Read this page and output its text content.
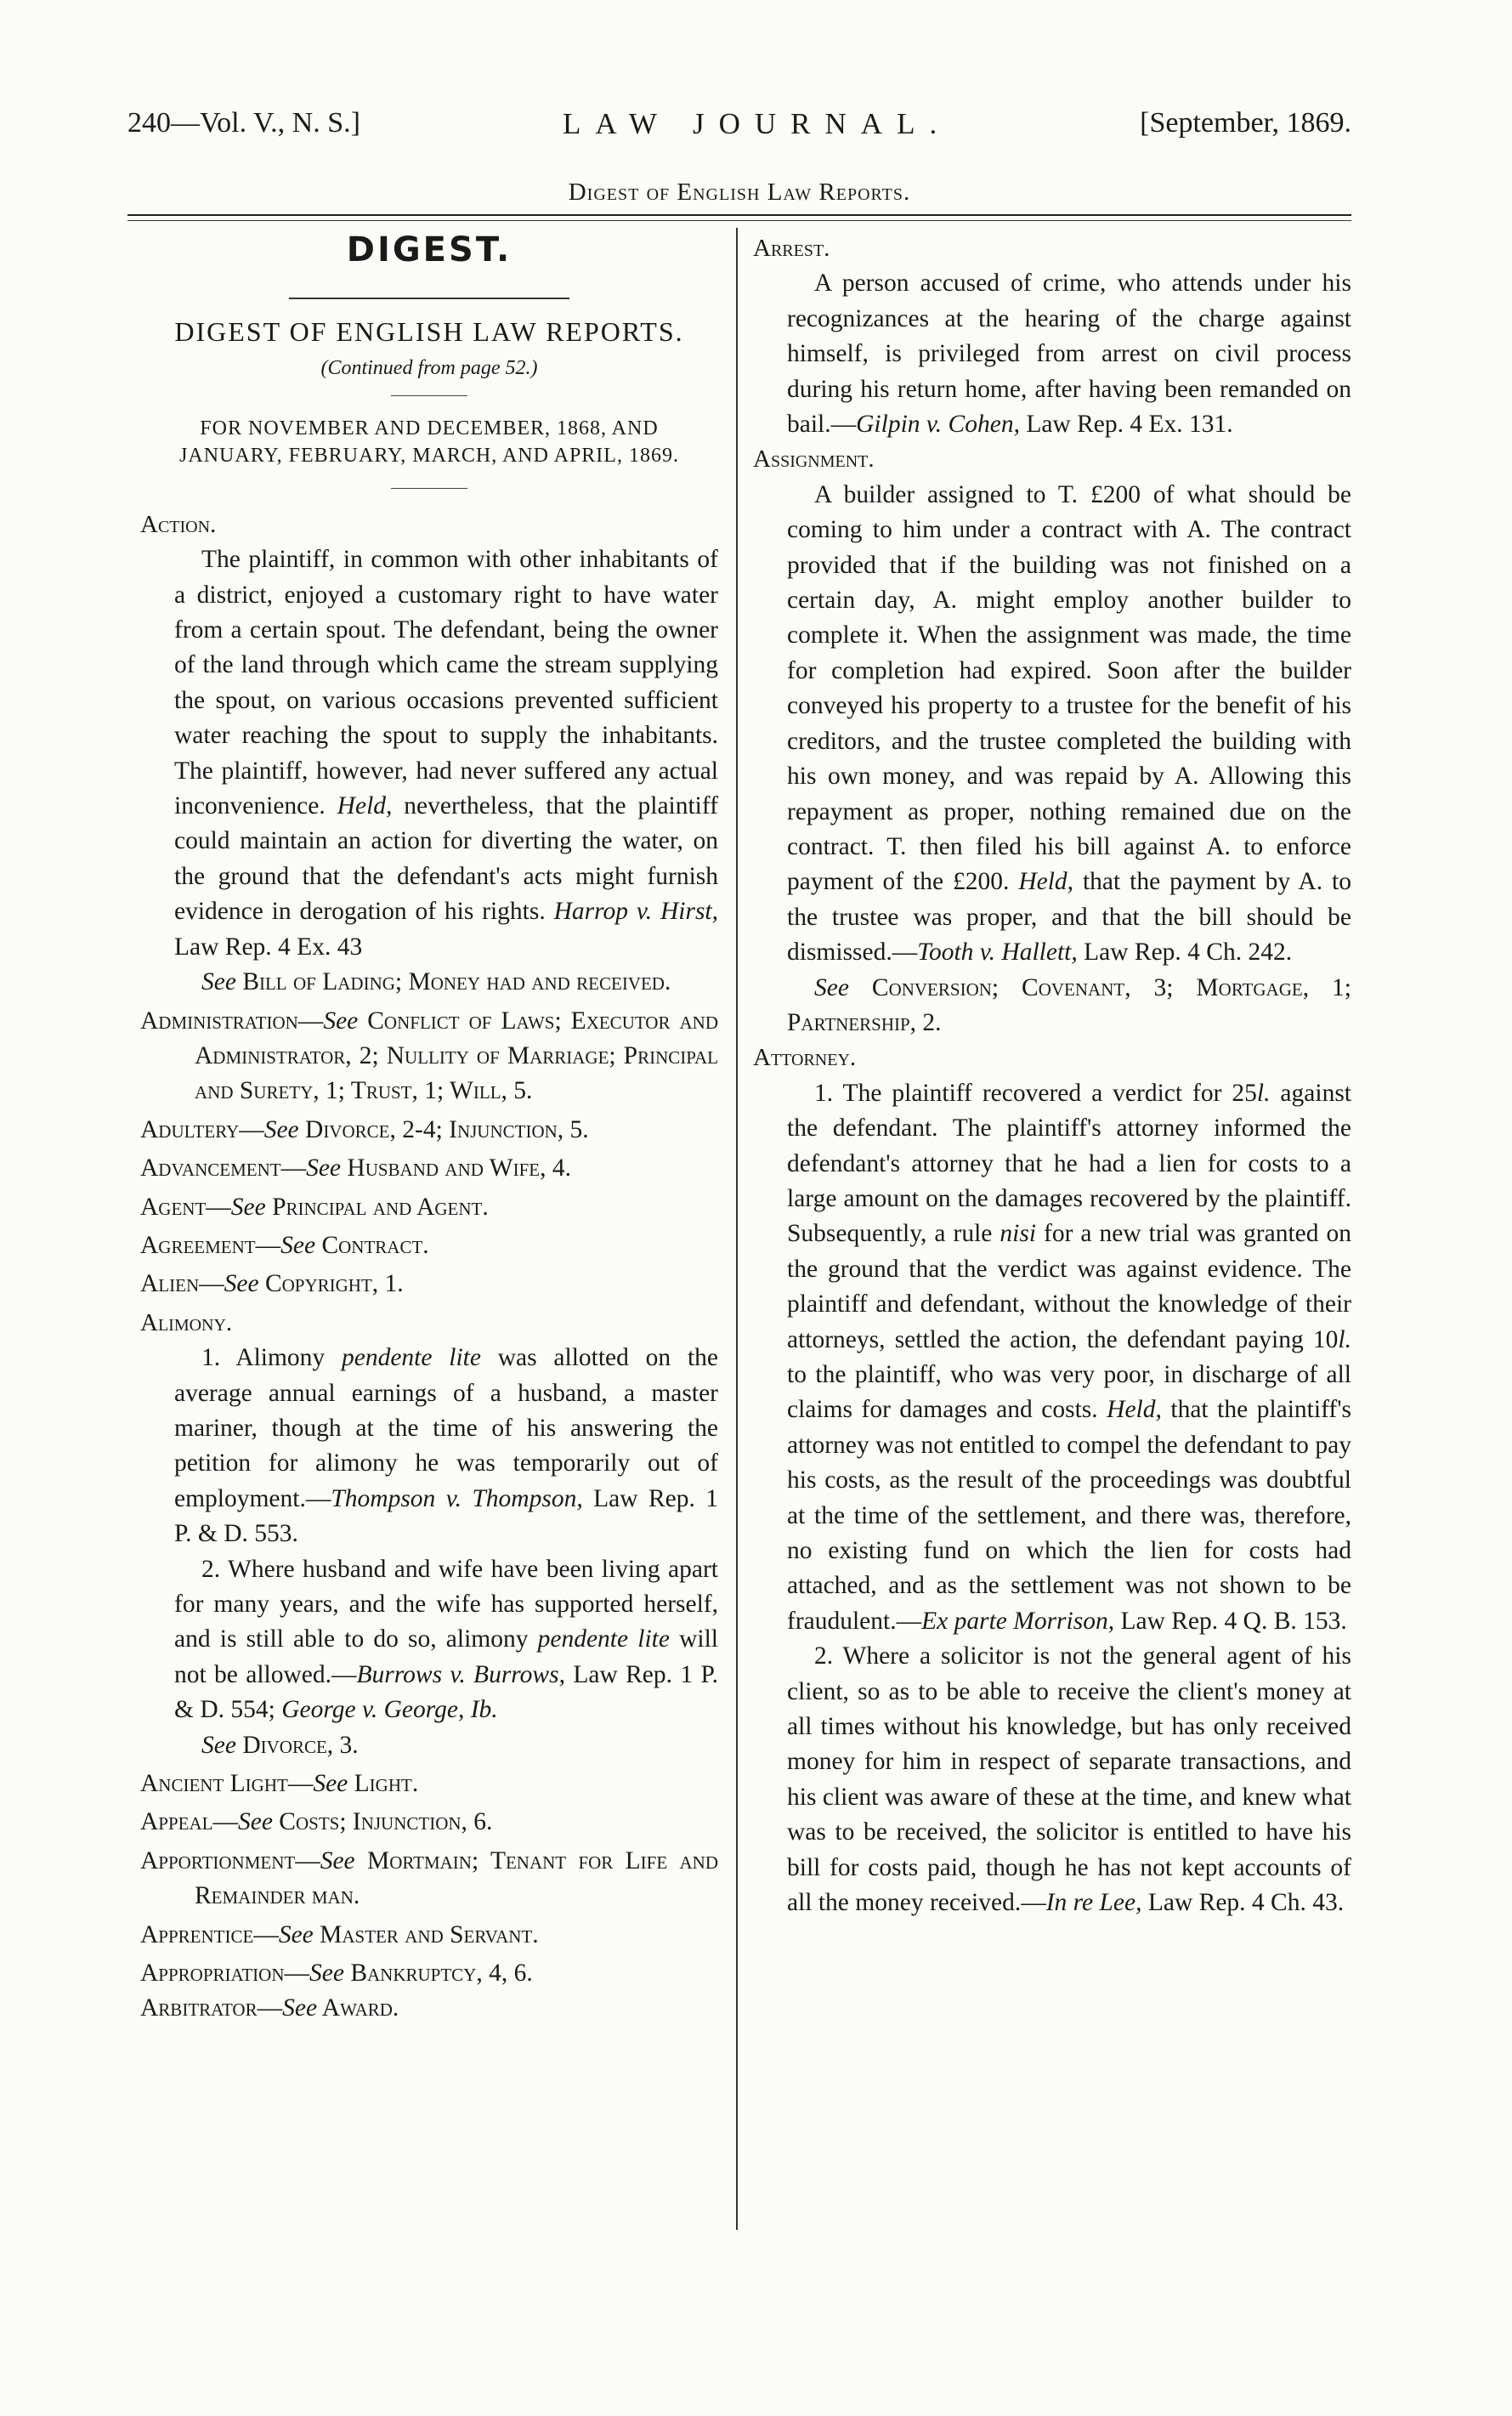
240—Vol. V., N. S.]	LAW JOURNAL.	[September, 1869.
Digest of English Law Reports.
DIGEST.
DIGEST OF ENGLISH LAW REPORTS.
(Continued from page 52.)
FOR NOVEMBER AND DECEMBER, 1868, AND JANUARY, FEBRUARY, MARCH, AND APRIL, 1869.
Action.

The plaintiff, in common with other inhabitants of a district, enjoyed a customary right to have water from a certain spout. The defendant, being the owner of the land through which came the stream supplying the spout, on various occasions prevented sufficient water reaching the spout to supply the inhabitants. The plaintiff, however, had never suffered any actual inconvenience. Held, nevertheless, that the plaintiff could maintain an action for diverting the water, on the ground that the defendant's acts might furnish evidence in derogation of his rights. Harrop v. Hirst, Law Rep. 4 Ex. 43

See Bill of Lading; Money had and received.

Administration—See Conflict of Laws; Executor and Administrator, 2; Nullity of Marriage; Principal and Surety, 1; Trust, 1; Will, 5.

Adultery—See Divorce, 2-4; Injunction, 5.

Advancement—See Husband and Wife, 4.

Agent—See Principal and Agent.

Agreement—See Contract.

Alien—See Copyright, 1.

Alimony.

1. Alimony pendente lite was allotted on the average annual earnings of a husband, a master mariner, though at the time of his answering the petition for alimony he was temporarily out of employment.—Thompson v. Thompson, Law Rep. 1 P. & D. 553.

2. Where husband and wife have been living apart for many years, and the wife has supported herself, and is still able to do so, alimony pendente lite will not be allowed.—Burrows v. Burrows, Law Rep. 1 P. & D. 554; George v. George, Ib.

See Divorce, 3.

Ancient Light—See Light.

Appeal—See Costs; Injunction, 6.

Apportionment—See Mortmain; Tenant for Life and Remainder man.

Apprentice—See Master and Servant.

Appropriation—See Bankruptcy, 4, 6.

Arbitrator—See Award.

Arrest.

A person accused of crime, who attends under his recognizances at the hearing of the charge against himself, is privileged from arrest on civil process during his return home, after having been remanded on bail.—Gilpin v. Cohen, Law Rep. 4 Ex. 131.

Assignment.

A builder assigned to T. £200 of what should be coming to him under a contract with A. The contract provided that if the building was not finished on a certain day, A. might employ another builder to complete it. When the assignment was made, the time for completion had expired. Soon after the builder conveyed his property to a trustee for the benefit of his creditors, and the trustee completed the building with his own money, and was repaid by A. Allowing this repayment as proper, nothing remained due on the contract. T. then filed his bill against A. to enforce payment of the £200. Held, that the payment by A. to the trustee was proper, and that the bill should be dismissed.—Tooth v. Hallett, Law Rep. 4 Ch. 242.

See Conversion; Covenant, 3; Mortgage, 1; Partnership, 2.

Attorney.

1. The plaintiff recovered a verdict for 25l. against the defendant. The plaintiff's attorney informed the defendant's attorney that he had a lien for costs to a large amount on the damages recovered by the plaintiff. Subsequently, a rule nisi for a new trial was granted on the ground that the verdict was against evidence. The plaintiff and defendant, without the knowledge of their attorneys, settled the action, the defendant paying 10l. to the plaintiff, who was very poor, in discharge of all claims for damages and costs. Held, that the plaintiff's attorney was not entitled to compel the defendant to pay his costs, as the result of the proceedings was doubtful at the time of the settlement, and there was, therefore, no existing fund on which the lien for costs had attached, and as the settlement was not shown to be fraudulent.—Ex parte Morrison, Law Rep. 4 Q. B. 153.

2. Where a solicitor is not the general agent of his client, so as to be able to receive the client's money at all times without his knowledge, but has only received money for him in respect of separate transactions, and his client was aware of these at the time, and knew what was to be received, the solicitor is entitled to have his bill for costs paid, though he has not kept accounts of all the money received.—In re Lee, Law Rep. 4 Ch. 43.
